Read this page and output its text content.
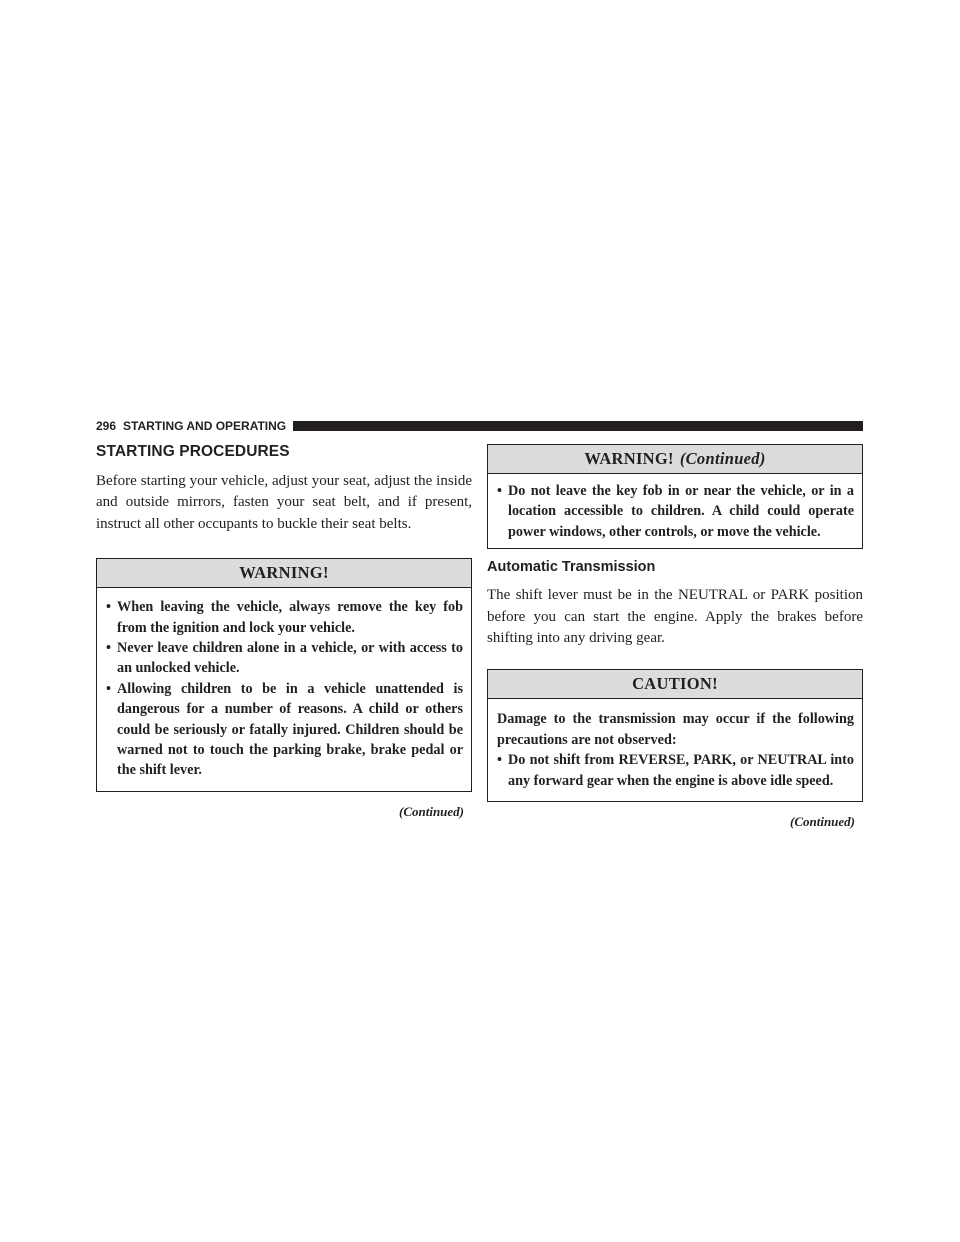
296 STARTING AND OPERATING
STARTING PROCEDURES

Before starting your vehicle, adjust your seat, adjust the inside and outside mirrors, fasten your seat belt, and if present, instruct all other occupants to buckle their seat belts.

WARNING!
• When leaving the vehicle, always remove the key fob from the ignition and lock your vehicle.
• Never leave children alone in a vehicle, or with access to an unlocked vehicle.
• Allowing children to be in a vehicle unattended is dangerous for a number of reasons. A child or others could be seriously or fatally injured. Children should be warned not to touch the parking brake, brake pedal or the shift lever.
(Continued)
WARNING! (Continued)
• Do not leave the key fob in or near the vehicle, or in a location accessible to children. A child could operate power windows, other controls, or move the vehicle.
Automatic Transmission

The shift lever must be in the NEUTRAL or PARK position before you can start the engine. Apply the brakes before shifting into any driving gear.

CAUTION!

Damage to the transmission may occur if the following precautions are not observed:

• Do not shift from REVERSE, PARK, or NEUTRAL into any forward gear when the engine is above idle speed.
(Continued)
